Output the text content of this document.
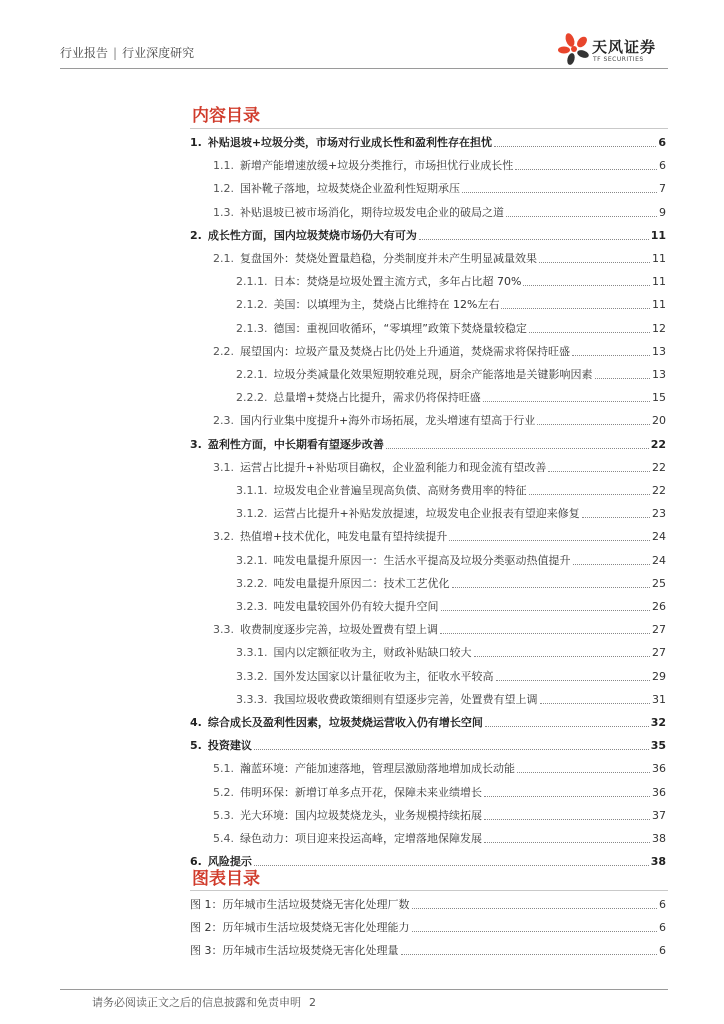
行业报告 | 行业深度研究	天风证券
TF SECURITIES
内容目录
1. 补贴退坡+垃圾分类，市场对行业成长性和盈利性存在担忧	6
1.1. 新增产能增速放缓+垃圾分类推行，市场担忧行业成长性	6
1.2. 国补靴子落地，垃圾焚烧企业盈利性短期承压	7
1.3. 补贴退坡已被市场消化，期待垃圾发电企业的破局之道	9
2. 成长性方面，国内垃圾焚烧市场仍大有可为	11
2.1. 复盘国外：焚烧处置量趋稳，分类制度并未产生明显减量效果	11
2.1.1. 日本：焚烧是垃圾处置主流方式，多年占比超 70%	11
2.1.2. 美国：以填埋为主，焚烧占比维持在 12%左右	11
2.1.3. 德国：重视回收循环，“零填埋”政策下焚烧量较稳定	12
2.2. 展望国内：垃圾产量及焚烧占比仍处上升通道，焚烧需求将保持旺盛	13
2.2.1. 垃圾分类减量化效果短期较难兑现，厨余产能落地是关键影响因素	13
2.2.2. 总量增+焚烧占比提升，需求仍将保持旺盛	15
2.3. 国内行业集中度提升+海外市场拓展，龙头增速有望高于行业	20
3. 盈利性方面，中长期看有望逐步改善	22
3.1. 运营占比提升+补贴项目确权，企业盈利能力和现金流有望改善	22
3.1.1. 垃圾发电企业普遍呈现高负债、高财务费用率的特征	22
3.1.2. 运营占比提升+补贴发放提速，垃圾发电企业报表有望迎来修复	23
3.2. 热值增+技术优化，吨发电量有望持续提升	24
3.2.1. 吨发电量提升原因一：生活水平提高及垃圾分类驱动热值提升	24
3.2.2. 吨发电量提升原因二：技术工艺优化	25
3.2.3. 吨发电量较国外仍有较大提升空间	26
3.3. 收费制度逐步完善，垃圾处置费有望上调	27
3.3.1. 国内以定额征收为主，财政补贴缺口较大	27
3.3.2. 国外发达国家以计量征收为主，征收水平较高	29
3.3.3. 我国垃圾收费政策细则有望逐步完善，处置费有望上调	31
4. 综合成长及盈利性因素，垃圾焚烧运营收入仍有增长空间	32
5. 投资建议	35
5.1. 瀚蓝环境：产能加速落地，管理层激励落地增加成长动能	36
5.2. 伟明环保：新增订单多点开花，保障未来业绩增长	36
5.3. 光大环境：国内垃圾焚烧龙头，业务规模持续拓展	37
5.4. 绿色动力：项目迎来投运高峰，定增落地保障发展	38
6. 风险提示	38
图表目录
图 1：历年城市生活垃圾焚烧无害化处理厂数	6
图 2：历年城市生活垃圾焚烧无害化处理能力	6
图 3：历年城市生活垃圾焚烧无害化处理量	6
请务必阅读正文之后的信息披露和免责申明 2
